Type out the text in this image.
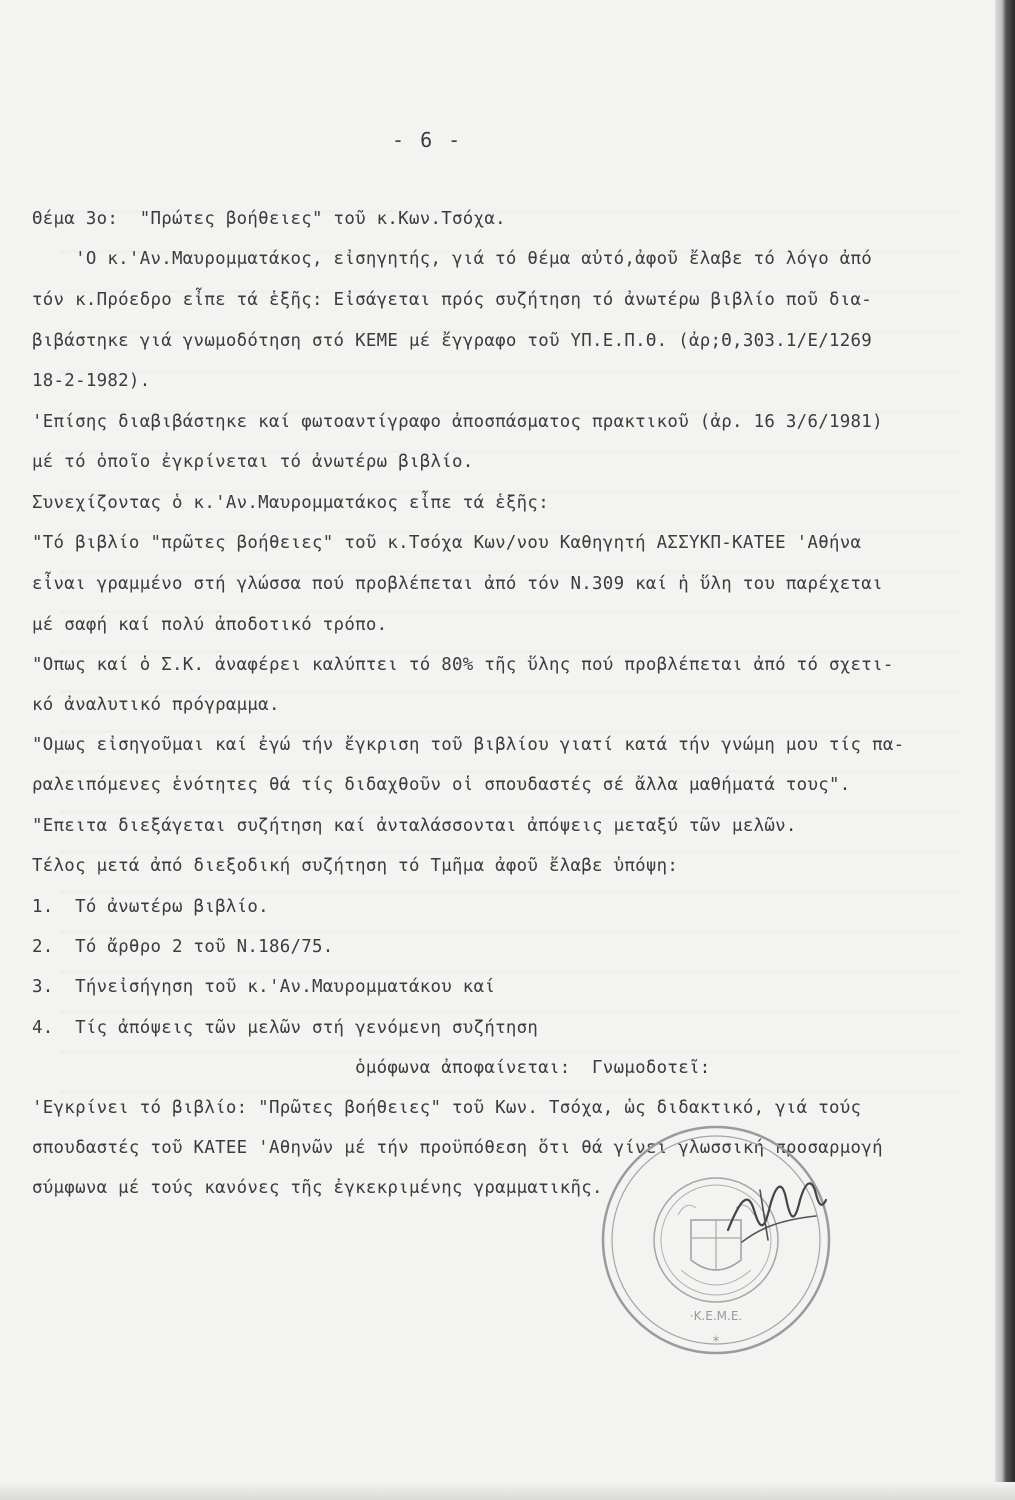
- 6 -
Θέμα 3ο:  "Πρώτες βοήθειες" τοῦ κ.Κων.Τσόχα.
'Ο κ.'Αν.Μαυρομματάκος, εἰσηγητής, γιά τό θέμα αὐτό,ἀφοῦ ἔλαβε τό λόγο ἀπό
τόν κ.Πρόεδρο εἶπε τά ἑξῆς: Εἰσάγεται πρός συζήτηση τό ἀνωτέρω βιβλίο ποῦ δια-
βιβάστηκε γιά γνωμοδότηση στό ΚΕΜΕ μέ ἔγγραφο τοῦ ΥΠ.Ε.Π.Θ. (ἀρ;Θ,303.1/Ε/1269
18-2-1982).
'Επίσης διαβιβάστηκε καί φωτοαντίγραφο ἀποσπάσματος πρακτικοῦ (ἀρ. 16 3/6/1981)
μέ τό ὁποῖο ἐγκρίνεται τό ἀνωτέρω βιβλίο.
Συνεχίζοντας ὁ κ.'Αν.Μαυρομματάκος εἶπε τά ἑξῆς:
"Τό βιβλίο "πρῶτες βοήθειες" τοῦ κ.Τσόχα Κων/νου Καθηγητή ΑΣΣΥΚΠ-ΚΑΤΕΕ 'Αθήνα
εἶναι γραμμένο στή γλώσσα πού προβλέπεται ἀπό τόν Ν.309 καί ἡ ὕλη του παρέχεται
μέ σαφή καί πολύ ἀποδοτικό τρόπο.
"Οπως καί ὁ Σ.Κ. ἀναφέρει καλύπτει τό 80% τῆς ὕλης πού προβλέπεται ἀπό τό σχετι-
κό ἀναλυτικό πρόγραμμα.
"Ομως εἰσηγοῦμαι καί ἐγώ τήν ἔγκριση τοῦ βιβλίου γιατί κατά τήν γνώμη μου τίς πα-
ραλειπόμενες ἑνότητες θά τίς διδαχθοῦν οἱ σπουδαστές σέ ἄλλα μαθήματά τους".
"Επειτα διεξάγεται συζήτηση καί ἀνταλάσσονται ἀπόψεις μεταξύ τῶν μελῶν.
Τέλος μετά ἀπό διεξοδική συζήτηση τό Τμῆμα ἀφοῦ ἔλαβε ὑπόψη:
1.  Τό ἀνωτέρω βιβλίο.
2.  Τό ἄρθρο 2 τοῦ Ν.186/75.
3.  Τήνεἰσήγηση τοῦ κ.'Αν.Μαυρομματάκου καί
4.  Τίς ἀπόψεις τῶν μελῶν στή γενόμενη συζήτηση
ὁμόφωνα ἀποφαίνεται:  Γνωμοδοτεῖ:
'Εγκρίνει τό βιβλίο: "Πρῶτες βοήθειες" τοῦ Κων. Τσόχα, ὡς διδακτικό, γιά τούς
σπουδαστές τοῦ ΚΑΤΕΕ 'Αθηνῶν μέ τήν προϋπόθεση ὅτι θά γίνει γλωσσική προσαρμογή
σύμφωνα μέ τούς κανόνες τῆς ἐγκεκριμένης γραμματικῆς.
·Κ.Ε.Μ.Ε.
*
